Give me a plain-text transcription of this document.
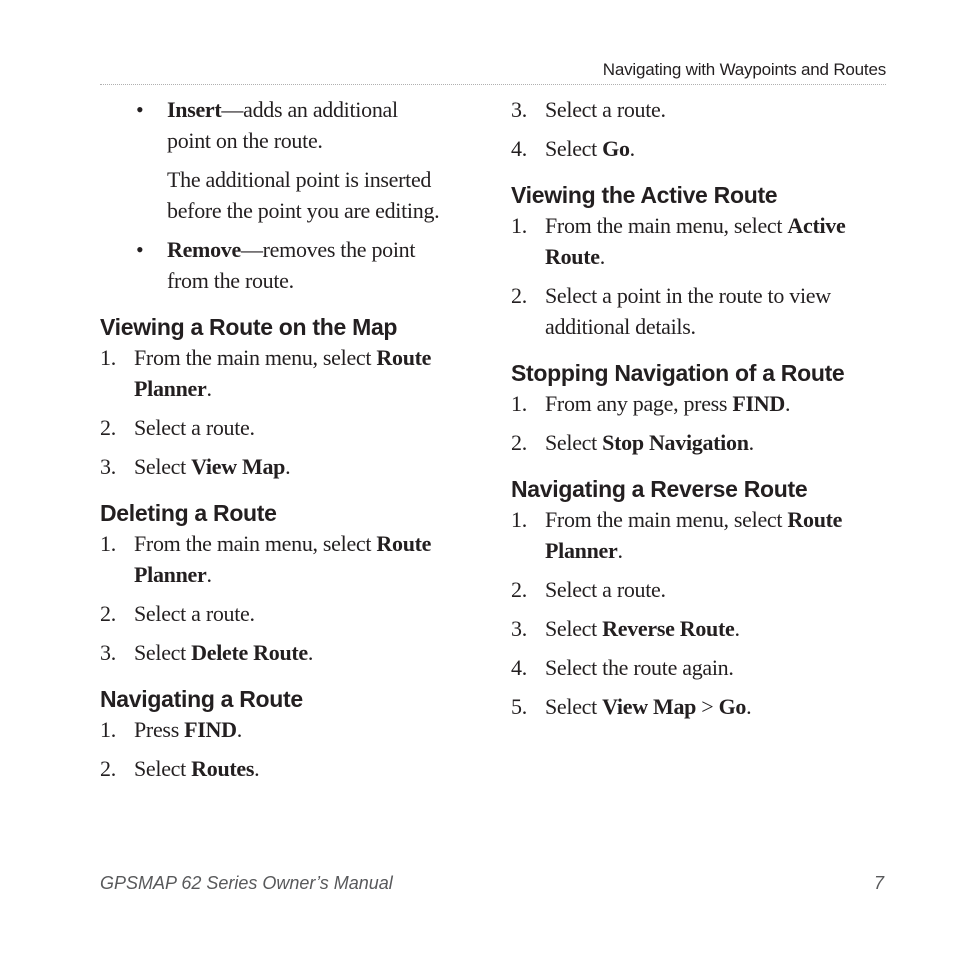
Navigating with Waypoints and Routes
• Insert—adds an additional
point on the route.
The additional point is inserted
before the point you are editing.
• Remove—removes the point
from the route.
Viewing a Route on the Map
1. From the main menu, select Route
Planner.
2. Select a route.
3. Select View Map.
Deleting a Route
1. From the main menu, select Route
Planner.
2. Select a route.
3. Select Delete Route.
Navigating a Route
1. Press FIND.
2. Select Routes.
3. Select a route.
4. Select Go.
Viewing the Active Route
1. From the main menu, select Active
Route.
2. Select a point in the route to view
additional details.
Stopping Navigation of a Route
1. From any page, press FIND.
2. Select Stop Navigation.
Navigating a Reverse Route
1. From the main menu, select Route
Planner.
2. Select a route.
3. Select Reverse Route.
4. Select the route again.
5. Select View Map > Go.
GPSMAP 62 Series Owner’s Manual	7
